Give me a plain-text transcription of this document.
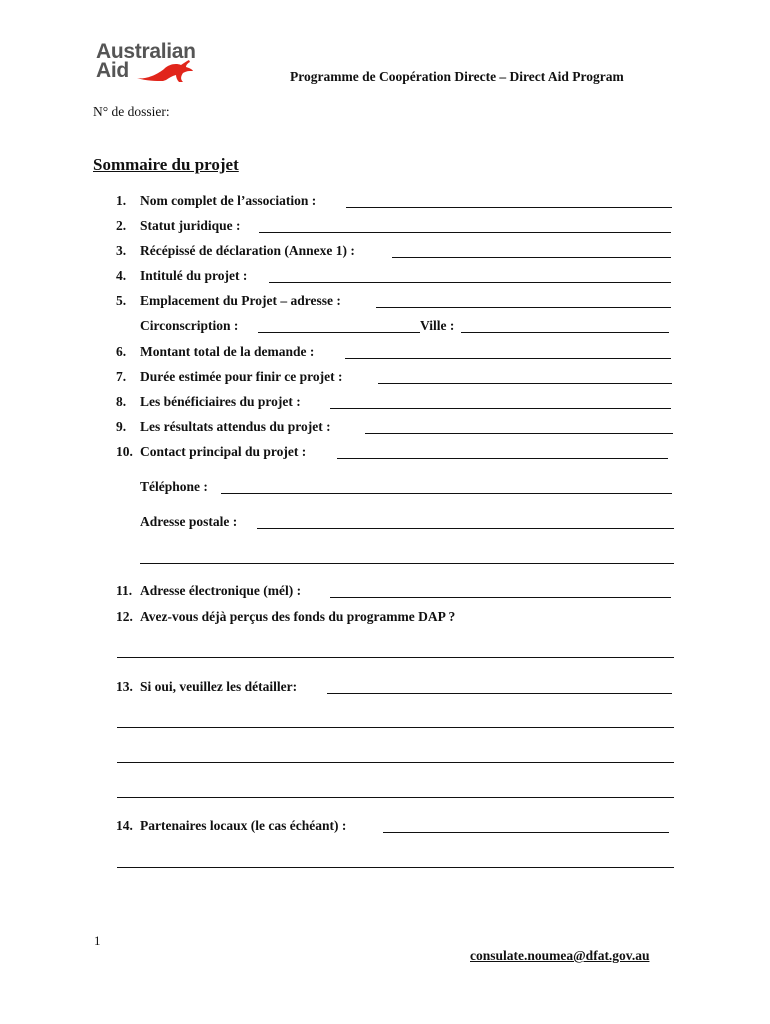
Australian
Aid	Programme de Coopération Directe – Direct Aid Program
N° de dossier:
Sommaire du projet
1.	Nom complet de l’association :
2.	Statut juridique :
3.	Récépissé de déclaration (Annexe 1) :
4.	Intitulé du projet :
5.	Emplacement du Projet – adresse :
Circonscription :	Ville :
6.	Montant total de la demande :
7.	Durée estimée pour finir ce projet :
8.	Les bénéficiaires du projet :
9.	Les résultats attendus du projet :
10. Contact principal du projet :
Téléphone :
Adresse postale :
11. Adresse électronique (mél) :
12. Avez-vous déjà perçus des fonds du programme DAP ?
13. Si oui, veuillez les détailler:
14. Partenaires locaux (le cas échéant) :
1
consulate.noumea@dfat.gov.au
